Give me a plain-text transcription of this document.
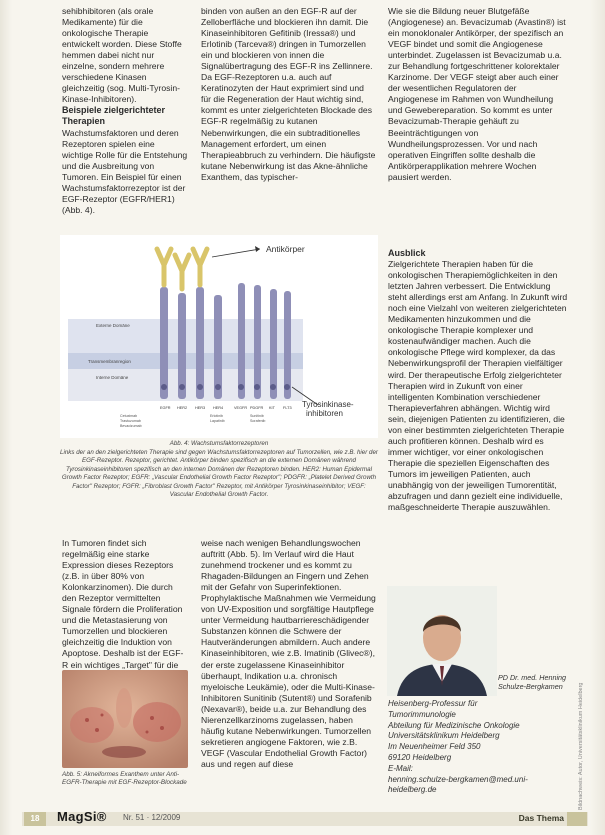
sehibhibitoren (als orale Medikamente) für die onkologische Therapie entwickelt worden. Diese Stoffe hemmen dabei nicht nur einzelne, sondern mehrere verschiedene Kinasen gleichzeitig (sog. Multi-Tyrosin-Kinase-Inhibitoren).

Beispiele zielgerichteter Therapien

Wachstumsfaktoren und deren Rezeptoren spielen eine wichtige Rolle für die Entstehung und die Ausbreitung von Tumoren. Ein Beispiel für einen Wachstumsfaktorrezeptor ist der EGF-Rezeptor (EGFR/HER1) (Abb. 4).

binden von außen an den EGF-R auf der Zelloberfläche und blockieren ihn damit. Die Kinaseinhibitoren Gefitinib (Iressa®) und Erlotinib (Tarceva®) dringen in Tumorzellen ein und blockieren von innen die Signalübertragung des EGF-R ins Zellinnere. Da EGF-Rezeptoren u.a. auch auf Keratinozyten der Haut exprimiert sind und für die Regeneration der Haut wichtig sind, kommt es unter zielgerichteten Blockade des EGF-R regelmäßig zu kutanen Nebenwirkungen, die ein subtraditionelles Management erfordert, um einen Therapieabbruch zu verhindern. Die häufigste kutane Nebenwirkung ist das Akne-ähnliche Exanthem, das typischer-

Wie sie die Bildung neuer Blutgefäße (Angiogenese) an. Bevacizumab (Avastin®) ist ein monoklonaler Antikörper, der spezifisch an VEGF bindet und somit die Angiogenese unterbindet. Zugelassen ist Bevacizumab u.a. zur Behandlung fortgeschrittener kolorektaler Karzinome. Der VEGF steigt aber auch einer der wesentlichen Regulatoren der Angiogenese im Rahmen von Wundheilung und Gewebereparation. So kommt es unter Bevacizumab-Therapie gehäuft zu Beeinträchtigungen von Wundheilungsprozessen. Vor und nach operativen Eingriffen sollte deshalb die Antikörperapplikation mehrere Wochen pausiert werden.

Ausblick

Zielgerichtete Therapien haben für die onkologischen Therapiemöglichkeiten in den letzten Jahren verbessert. Die Entwicklung steht allerdings erst am Anfang. In Zukunft wird noch eine Vielzahl von weiteren zielgerichteten Medikamenten hinzukommen und die onkologische Therapie komplexer und kostenaufwändiger machen. Auch die onkologische Pflege wird komplexer, da das Nebenwirkungsprofil der Therapien vielfältiger wird. Der therapeutische Erfolg zielgerichteter Therapien wird in Zukunft von einer intelligenten Kombination verschiedener Therapieverfahren abhängen. Wichtig wird sein, diejenigen Patienten zu identifizieren, die von einer bestimmten zielgerichteten Therapie auch profitieren können. Deshalb wird es immer wichtiger, vor einer onkologischen Therapie die speziellen Eigenschaften des Tumors im jeweiligen Patienten, auch unabhängig von der jeweiligen Tumorentität, abzufragen und dann gezielt eine individuelle, maßgeschneiderte Therapie auszuwählen.

Externe Domäne
Transmembranregion
Interne Domäne
EGFR HER2 HER3 HER4	VEGFR PDGFR KIT FLT3
Cetuximab
Trastuzumab
Bevacizumab
Erlotinib
Lapatinib
Sunitinib
Sorafenib
Antikörper
Tyrosinkinase-inhibitoren
Abb. 4: Wachstumsfaktorrezeptoren
Links der an den zielgerichteten Therapie sind gegen Wachstumsfaktorrezeptoren auf Tumorzellen, wie z.B. hier der EGF-Rezeptor. Rezeptor, gerichtet. Antikörper binden spezifisch an die externen Domänen während Tyrosinkinaseinhibitoren spezifisch an den internen Domänen der Rezeptoren binden. HER2: Human Epidermal Growth Factor Rezeptor; EGFR: „Vascular Endothelial Growth Factor Rezeptor"; PDGFR: „Platelet Derived Growth Factor" Rezeptor; FGFR: „Fibroblast Growth Factor" Rezeptor, mit Antikörper Tyrosinkinaseinhibitor; VEGF: Vascular Endothelial Growth Factor.

In Tumoren findet sich regelmäßig eine starke Expression dieses Rezeptors (z.B. in über 80% von Kolonkarzinomen). Die durch den Rezeptor vermittelten Signale fördern die Proliferation und die Metastasierung von Tumorzellen und blockieren gleichzeitig die Induktion von Apoptose. Deshalb ist der EGF-R ein wichtiges „Target" für die

weise nach wenigen Behandlungswochen auftritt (Abb. 5). Im Verlauf wird die Haut zunehmend trockener und es kommt zu Rhagaden-Bildungen an Fingern und Zehen mit der Gefahr von Superinfektionen. Prophylaktische Maßnahmen wie Vermeidung von UV-Exposition und sorgfältige Hautpflege unter Vermeidung hautbarriereschädigender Substanzen können die Schwere der Hautveränderungen abmildern. Auch andere Kinaseinhibitoren, wie z.B. Imatinib (Glivec®), der erste zugelassene Kinaseinhibitor überhaupt, Indikation u.a. chronisch myeloische Leukämie), oder die Multi-Kinase-Inhibitoren Sunitinib (Sutent®) und Sorafenib (Nexavar®), beide u.a. zur Behandlung des Nierenzellkarzinoms zugelassen, haben häufig kutane Nebenwirkungen. Tumorzellen sekretieren angiogene Faktoren, wie z.B. VEGF (Vascular Endothelial Growth Factor) aus und regen auf diese

Abb. 5: Akneiformes Exanthem unter Anti-EGFR-Therapie mit EGF-Rezeptor-Blockade
PD Dr. med. Henning Schulze-Bergkamen
Heisenberg-Professur für
Tumorimmunologie
Abteilung für Medizinische Onkologie
Universitätsklinikum Heidelberg
Im Neuenheimer Feld 350
69120 Heidelberg
E-Mail:
henning.schulze-bergkamen@med.uni-heidelberg.de	Bildnachweis: Autor, Universitätsklinikum Heidelberg
18	MagSi® Nr. 51 · 12/2009	Das Thema
